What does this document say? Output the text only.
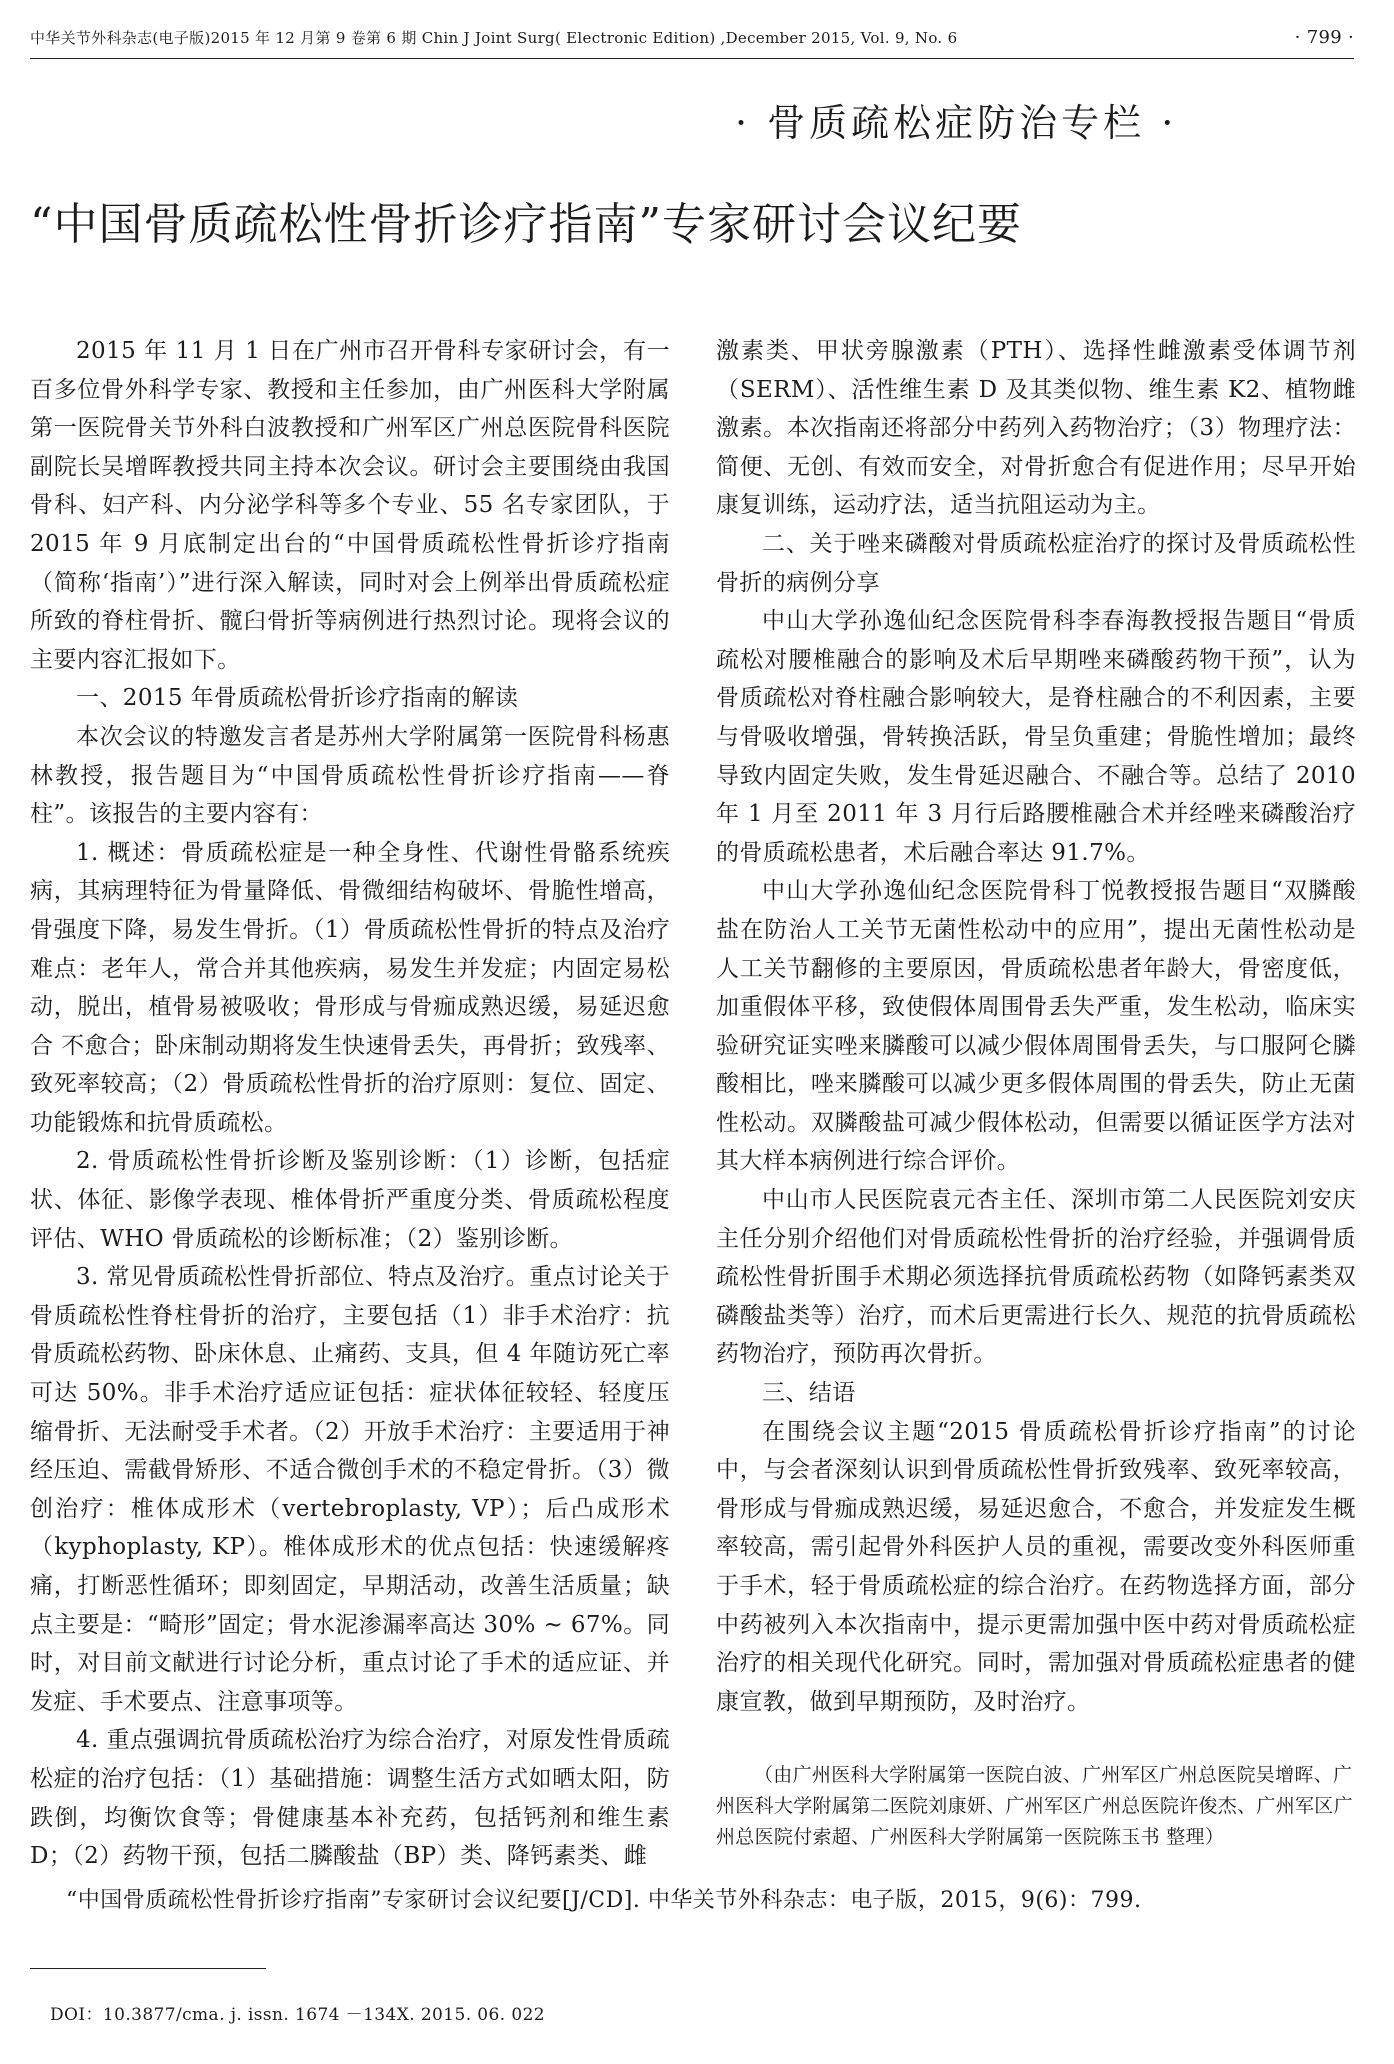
中华关节外科杂志(电子版)2015 年 12 月第 9 卷第 6 期 Chin J Joint Surg( Electronic Edition) ,December 2015, Vol. 9, No. 6	· 799 ·
· 骨质疏松症防治专栏 ·
“中国骨质疏松性骨折诊疗指南”专家研讨会议纪要

2015 年 11 月 1 日在广州市召开骨科专家研讨会，有一百多位骨外科学专家、教授和主任参加，由广州医科大学附属第一医院骨关节外科白波教授和广州军区广州总医院骨科医院副院长吴增晖教授共同主持本次会议。研讨会主要围绕由我国骨科、妇产科、内分泌学科等多个专业、55 名专家团队，于 2015 年 9 月底制定出台的“中国骨质疏松性骨折诊疗指南（简称‘指南’）”进行深入解读，同时对会上例举出骨质疏松症所致的脊柱骨折、髋臼骨折等病例进行热烈讨论。现将会议的主要内容汇报如下。

一、2015 年骨质疏松骨折诊疗指南的解读

本次会议的特邀发言者是苏州大学附属第一医院骨科杨惠林教授，报告题目为“中国骨质疏松性骨折诊疗指南——脊柱”。该报告的主要内容有：

1. 概述：骨质疏松症是一种全身性、代谢性骨骼系统疾病，其病理特征为骨量降低、骨微细结构破坏、骨脆性增高，骨强度下降，易发生骨折。（1）骨质疏松性骨折的特点及治疗难点：老年人，常合并其他疾病，易发生并发症；内固定易松动，脱出，植骨易被吸收；骨形成与骨痂成熟迟缓，易延迟愈合 不愈合；卧床制动期将发生快速骨丢失，再骨折；致残率、致死率较高；（2）骨质疏松性骨折的治疗原则：复位、固定、功能锻炼和抗骨质疏松。

2. 骨质疏松性骨折诊断及鉴别诊断：（1）诊断，包括症状、体征、影像学表现、椎体骨折严重度分类、骨质疏松程度评估、WHO 骨质疏松的诊断标准；（2）鉴别诊断。

3. 常见骨质疏松性骨折部位、特点及治疗。重点讨论关于骨质疏松性脊柱骨折的治疗，主要包括（1）非手术治疗：抗骨质疏松药物、卧床休息、止痛药、支具，但 4 年随访死亡率可达 50%。非手术治疗适应证包括：症状体征较轻、轻度压缩骨折、无法耐受手术者。（2）开放手术治疗：主要适用于神经压迫、需截骨矫形、不适合微创手术的不稳定骨折。（3）微创治疗：椎体成形术（vertebroplasty, VP）；后凸成形术（kyphoplasty, KP）。椎体成形术的优点包括：快速缓解疼痛，打断恶性循环；即刻固定，早期活动，改善生活质量；缺点主要是：“畸形”固定；骨水泥渗漏率高达 30% ~ 67%。同时，对目前文献进行讨论分析，重点讨论了手术的适应证、并发症、手术要点、注意事项等。

4. 重点强调抗骨质疏松治疗为综合治疗，对原发性骨质疏松症的治疗包括：（1）基础措施：调整生活方式如晒太阳，防跌倒，均衡饮食等；骨健康基本补充药，包括钙剂和维生素 D；（2）药物干预，包括二膦酸盐（BP）类、降钙素类、雌

激素类、甲状旁腺激素（PTH）、选择性雌激素受体调节剂（SERM）、活性维生素 D 及其类似物、维生素 K2、植物雌激素。本次指南还将部分中药列入药物治疗；（3）物理疗法：简便、无创、有效而安全，对骨折愈合有促进作用；尽早开始康复训练，运动疗法，适当抗阻运动为主。

二、关于唑来磷酸对骨质疏松症治疗的探讨及骨质疏松性骨折的病例分享

中山大学孙逸仙纪念医院骨科李春海教授报告题目“骨质疏松对腰椎融合的影响及术后早期唑来磷酸药物干预”，认为骨质疏松对脊柱融合影响较大，是脊柱融合的不利因素，主要与骨吸收增强，骨转换活跃，骨呈负重建；骨脆性增加；最终导致内固定失败，发生骨延迟融合、不融合等。总结了 2010 年 1 月至 2011 年 3 月行后路腰椎融合术并经唑来磷酸治疗的骨质疏松患者，术后融合率达 91.7%。

中山大学孙逸仙纪念医院骨科丁悦教授报告题目“双膦酸盐在防治人工关节无菌性松动中的应用”，提出无菌性松动是人工关节翻修的主要原因，骨质疏松患者年龄大，骨密度低，加重假体平移，致使假体周围骨丢失严重，发生松动，临床实验研究证实唑来膦酸可以减少假体周围骨丢失，与口服阿仑膦酸相比，唑来膦酸可以减少更多假体周围的骨丢失，防止无菌性松动。双膦酸盐可减少假体松动，但需要以循证医学方法对其大样本病例进行综合评价。

中山市人民医院袁元杏主任、深圳市第二人民医院刘安庆主任分别介绍他们对骨质疏松性骨折的治疗经验，并强调骨质疏松性骨折围手术期必须选择抗骨质疏松药物（如降钙素类双磷酸盐类等）治疗，而术后更需进行长久、规范的抗骨质疏松药物治疗，预防再次骨折。

三、结语

在围绕会议主题“2015 骨质疏松骨折诊疗指南”的讨论中，与会者深刻认识到骨质疏松性骨折致残率、致死率较高，骨形成与骨痂成熟迟缓，易延迟愈合，不愈合，并发症发生概率较高，需引起骨外科医护人员的重视，需要改变外科医师重于手术，轻于骨质疏松症的综合治疗。在药物选择方面，部分中药被列入本次指南中，提示更需加强中医中药对骨质疏松症治疗的相关现代化研究。同时，需加强对骨质疏松症患者的健康宣教，做到早期预防，及时治疗。

（由广州医科大学附属第一医院白波、广州军区广州总医院吴增晖、广州医科大学附属第二医院刘康妍、广州军区广州总医院许俊杰、广州军区广州总医院付索超、广州医科大学附属第一医院陈玉书 整理）

“中国骨质疏松性骨折诊疗指南”专家研讨会议纪要[J/CD]. 中华关节外科杂志：电子版，2015，9(6)：799.
DOI：10.3877/cma. j. issn. 1674 －134X. 2015. 06. 022
